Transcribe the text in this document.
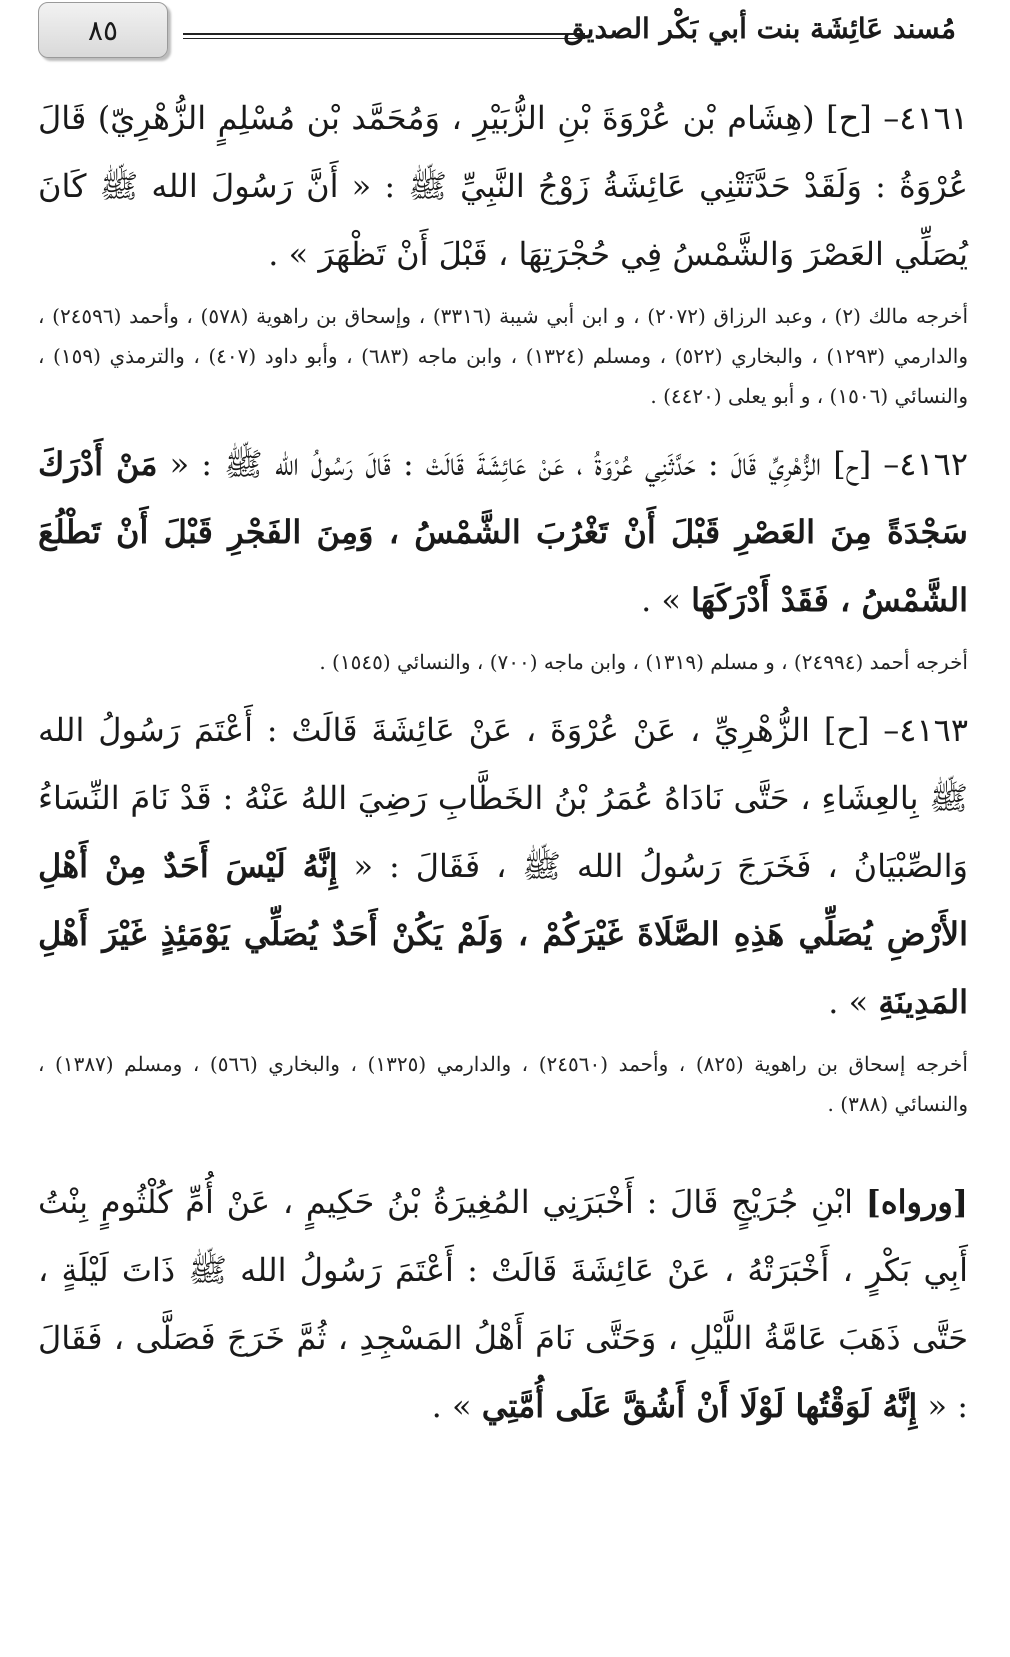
٨٥	مُسند عَائِشَة بنت أبي بَكْر الصديق

٤١٦١– [ح] (هِشَام بْن عُرْوَةَ بْنِ الزُّبَيْرِ ، وَمُحَمَّد بْن مُسْلِمٍ الزُّهْرِيّ) قَالَ عُرْوَةُ : وَلَقَدْ حَدَّثَتْنِي عَائِشَةُ زَوْجُ النَّبِيِّ ﷺ : « أَنَّ رَسُولَ الله ﷺ كَانَ يُصَلِّي العَصْرَ وَالشَّمْسُ فِي حُجْرَتِهَا ، قَبْلَ أَنْ تَظْهَرَ » .

أخرجه مالك (٢) ، وعبد الرزاق (٢٠٧٢) ، و ابن أبي شيبة (٣٣١٦) ، وإسحاق بن راهوية (٥٧٨) ، وأحمد (٢٤٥٩٦) ، والدارمي (١٢٩٣) ، والبخاري (٥٢٢) ، ومسلم (١٣٢٤) ، وابن ماجه (٦٨٣) ، وأبو داود (٤٠٧) ، والترمذي (١٥٩) ، والنسائي (١٥٠٦) ، و أبو يعلى (٤٤٢٠) .

٤١٦٢– [ح] الزُّهْرِيِّ قَالَ : حَدَّثَنِي عُرْوَةُ ، عَنْ عَائِشَةَ قَالَتْ : قَالَ رَسُولُ الله ﷺ : « مَنْ أَدْرَكَ سَجْدَةً مِنَ العَصْرِ قَبْلَ أَنْ تَغْرُبَ الشَّمْسُ ، وَمِنَ الفَجْرِ قَبْلَ أَنْ تَطْلُعَ الشَّمْسُ ، فَقَدْ أَدْرَكَهَا » .

أخرجه أحمد (٢٤٩٩٤) ، و مسلم (١٣١٩) ، وابن ماجه (٧٠٠) ، والنسائي (١٥٤٥) .

٤١٦٣– [ح] الزُّهْرِيِّ ، عَنْ عُرْوَةَ ، عَنْ عَائِشَةَ قَالَتْ : أَعْتَمَ رَسُولُ الله ﷺ بِالعِشَاءِ ، حَتَّى نَادَاهُ عُمَرُ بْنُ الخَطَّابِ رَضِيَ اللهُ عَنْهُ : قَدْ نَامَ النِّسَاءُ وَالصِّبْيَانُ ، فَخَرَجَ رَسُولُ الله ﷺ ، فَقَالَ : « إِنَّهُ لَيْسَ أَحَدٌ مِنْ أَهْلِ الأَرْضِ يُصَلِّي هَذِهِ الصَّلَاةَ غَيْرَكُمْ ، وَلَمْ يَكُنْ أَحَدٌ يُصَلِّي يَوْمَئِذٍ غَيْرَ أَهْلِ المَدِينَةِ » .

أخرجه إسحاق بن راهوية (٨٢٥) ، وأحمد (٢٤٥٦٠) ، والدارمي (١٣٢٥) ، والبخاري (٥٦٦) ، ومسلم (١٣٨٧) ، والنسائي (٣٨٨) .

[ورواه] ابْنِ جُرَيْجٍ قَالَ : أَخْبَرَنِي المُغِيرَةُ بْنُ حَكِيمٍ ، عَنْ أُمِّ كُلْثُومٍ بِنْتُ أَبِي بَكْرٍ ، أَخْبَرَتْهُ ، عَنْ عَائِشَةَ قَالَتْ : أَعْتَمَ رَسُولُ الله ﷺ ذَاتَ لَيْلَةٍ ، حَتَّى ذَهَبَ عَامَّةُ اللَّيْلِ ، وَحَتَّى نَامَ أَهْلُ المَسْجِدِ ، ثُمَّ خَرَجَ فَصَلَّى ، فَقَالَ : « إِنَّهُ لَوَقْتُها لَوْلَا أَنْ أَشُقَّ عَلَى أُمَّتِي » .
